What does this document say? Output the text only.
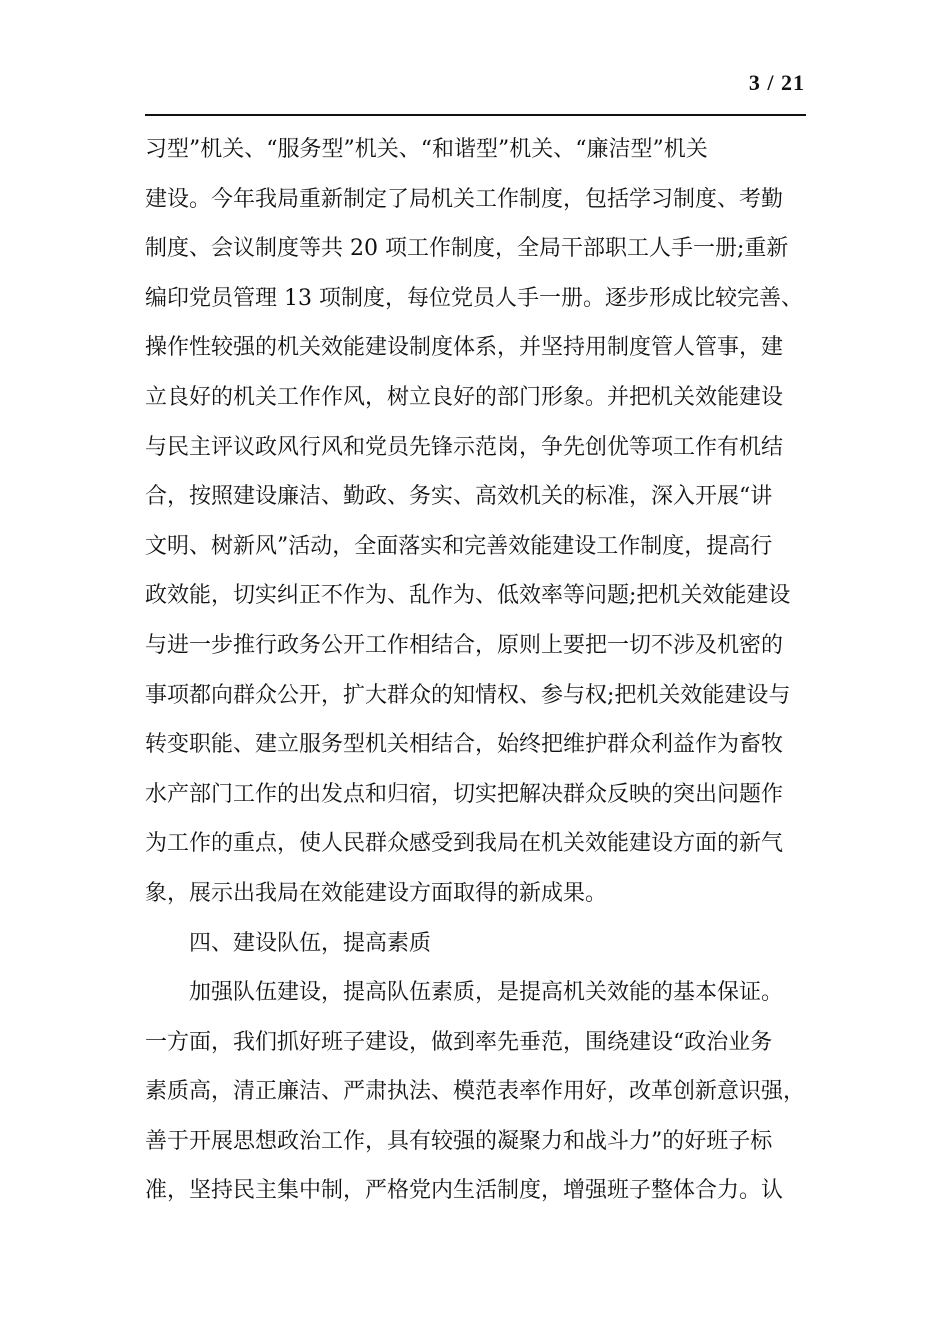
3 / 21
习型”机关、“服务型”机关、“和谐型”机关、“廉洁型”机关
建设。今年我局重新制定了局机关工作制度，包括学习制度、考勤
制度、会议制度等共 20 项工作制度，全局干部职工人手一册;重新
编印党员管理 13 项制度，每位党员人手一册。逐步形成比较完善、
操作性较强的机关效能建设制度体系，并坚持用制度管人管事，建
立良好的机关工作作风，树立良好的部门形象。并把机关效能建设
与民主评议政风行风和党员先锋示范岗，争先创优等项工作有机结
合，按照建设廉洁、勤政、务实、高效机关的标准，深入开展“讲
文明、树新风”活动，全面落实和完善效能建设工作制度，提高行
政效能，切实纠正不作为、乱作为、低效率等问题;把机关效能建设
与进一步推行政务公开工作相结合，原则上要把一切不涉及机密的
事项都向群众公开，扩大群众的知情权、参与权;把机关效能建设与
转变职能、建立服务型机关相结合，始终把维护群众利益作为畜牧
水产部门工作的出发点和归宿，切实把解决群众反映的突出问题作
为工作的重点，使人民群众感受到我局在机关效能建设方面的新气
象，展示出我局在效能建设方面取得的新成果。
四、建设队伍，提高素质
加强队伍建设，提高队伍素质，是提高机关效能的基本保证。
一方面，我们抓好班子建设，做到率先垂范，围绕建设“政治业务
素质高，清正廉洁、严肃执法、模范表率作用好，改革创新意识强，
善于开展思想政治工作，具有较强的凝聚力和战斗力”的好班子标
准，坚持民主集中制，严格党内生活制度，增强班子整体合力。认
